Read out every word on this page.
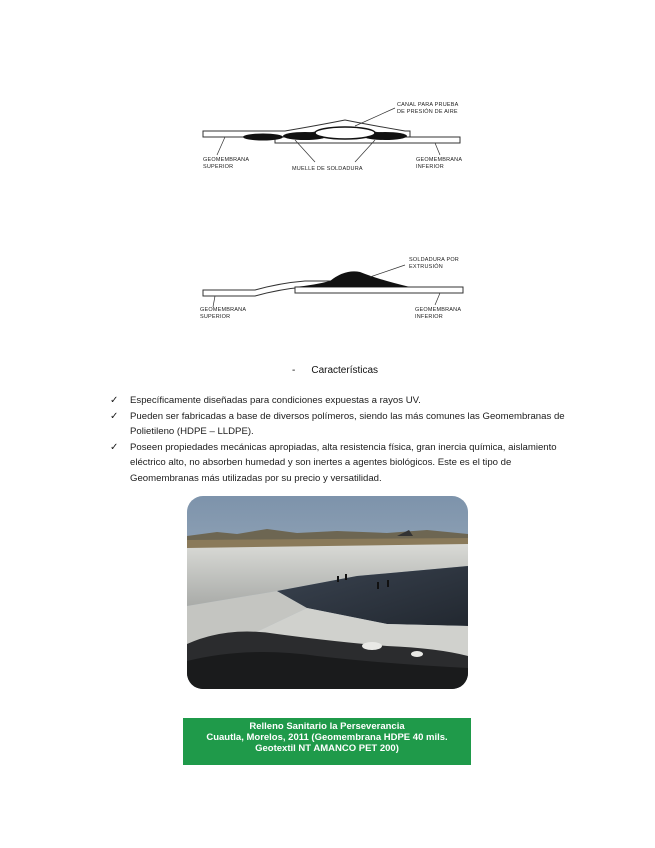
CANAL PARA PRUEBA
DE PRESIÓN DE AIRE
GEOMEMBRANA
SUPERIOR	MUELLE DE SOLDADURA
GEOMEMBRANA
INFERIOR
SOLDADURA POR
EXTRUSIÓN
GEOMEMBRANA
SUPERIOR
GEOMEMBRANA
INFERIOR
- Características
✓ Específicamente diseñadas para condiciones expuestas a rayos UV.
✓ Pueden ser fabricadas a base de diversos polímeros, siendo las más comunes las Geomembranas de Polietileno (HDPE – LLDPE).
✓ Poseen propiedades mecánicas apropiadas, alta resistencia física, gran inercia química, aislamiento eléctrico alto, no absorben humedad y son inertes a agentes biológicos. Este es el tipo de Geomembranas más utilizadas por su precio y versatilidad.
Relleno Sanitario la Perseverancia
Cuautla, Morelos, 2011 (Geomembrana HDPE 40 mils.
Geotextil NT AMANCO PET 200)
